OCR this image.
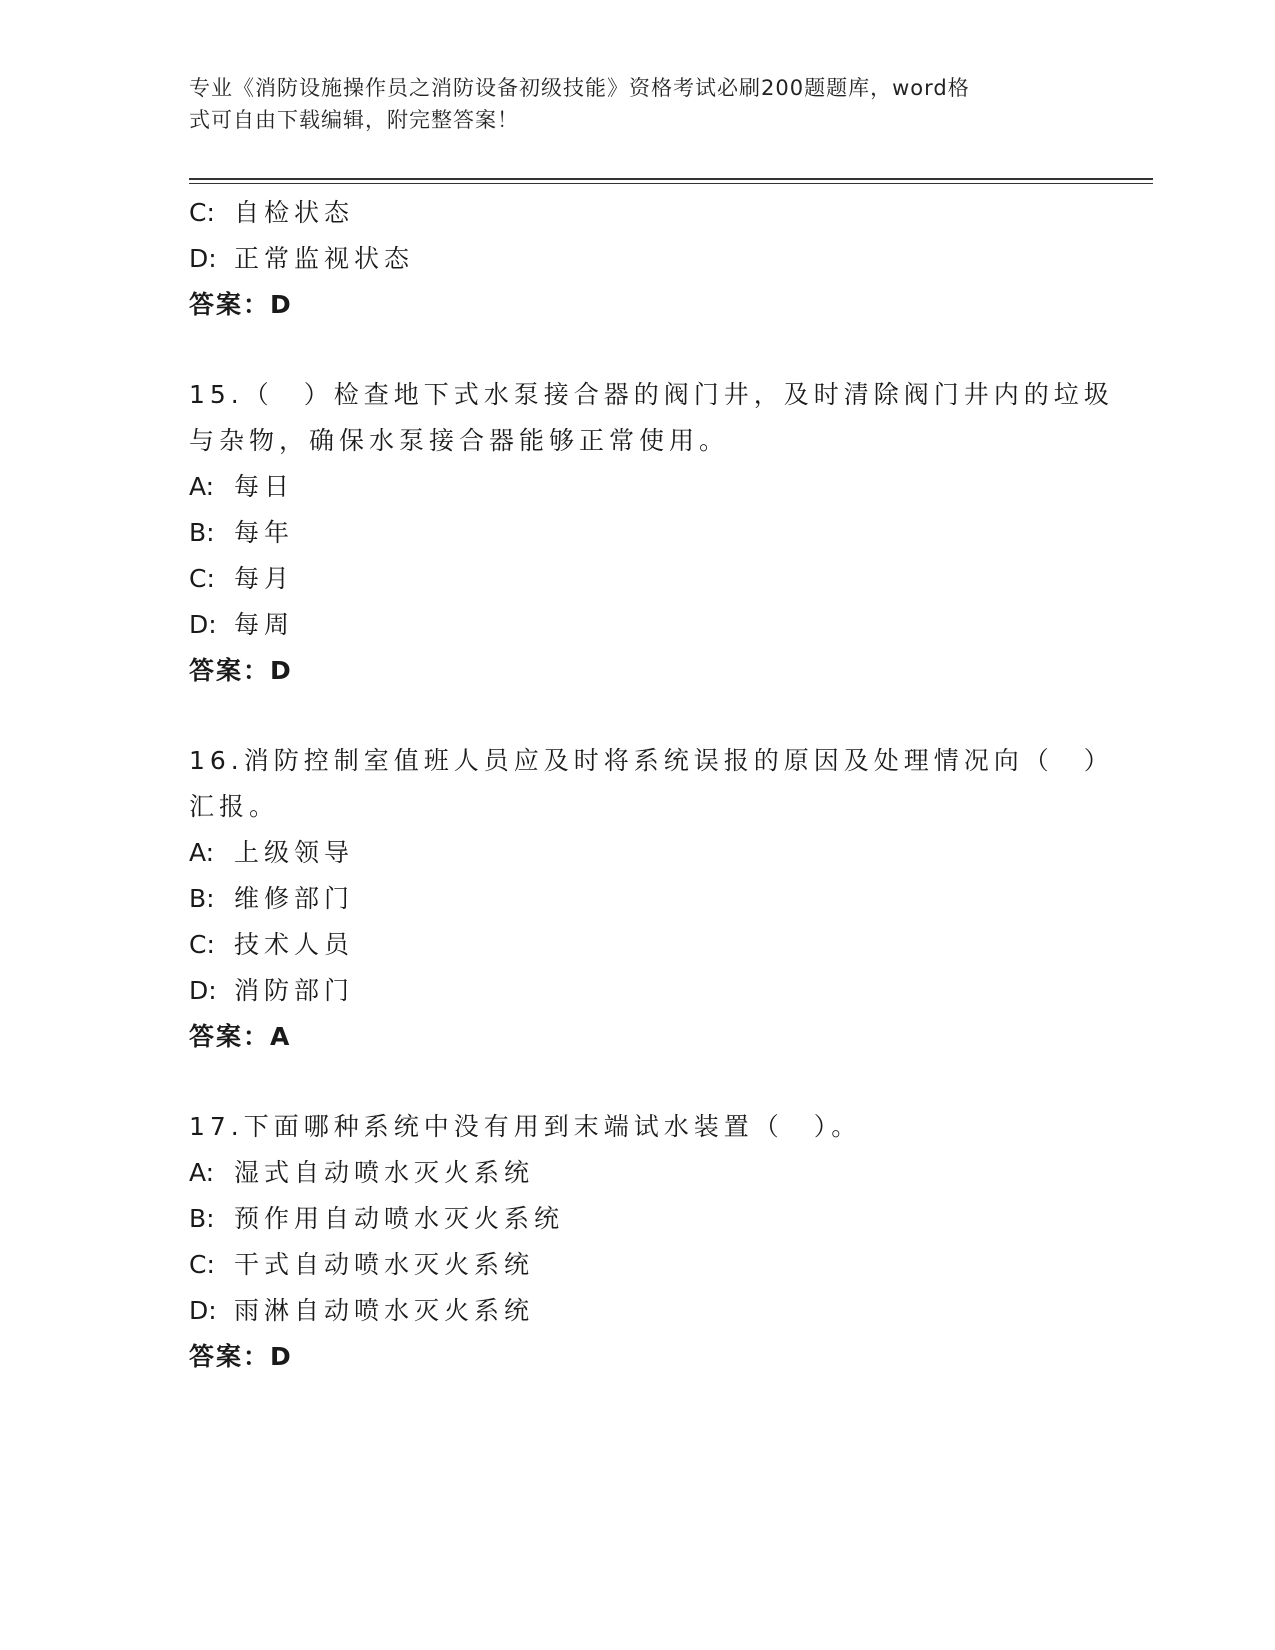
专业《消防设施操作员之消防设备初级技能》资格考试必刷200题题库，word格
式可自由下载编辑，附完整答案！
C: 自检状态
D: 正常监视状态
答案：D
15.（　）检查地下式水泵接合器的阀门井，及时清除阀门井内的垃圾
与杂物，确保水泵接合器能够正常使用。
A: 每日
B: 每年
C: 每月
D: 每周
答案：D
16.消防控制室值班人员应及时将系统误报的原因及处理情况向（　）
汇报。
A: 上级领导
B: 维修部门
C: 技术人员
D: 消防部门
答案：A
17.下面哪种系统中没有用到末端试水装置（　）。
A: 湿式自动喷水灭火系统
B: 预作用自动喷水灭火系统
C: 干式自动喷水灭火系统
D: 雨淋自动喷水灭火系统
答案：D
